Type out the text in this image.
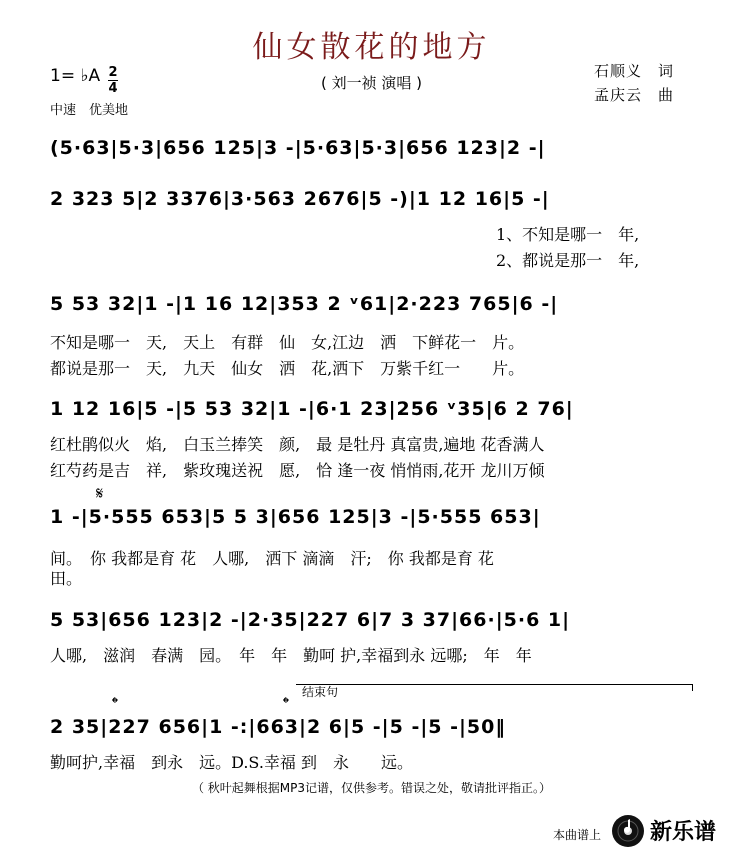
仙女散花的地方
( 刘一祯 演唱 )
石顺义　词
孟庆云　曲
1= ♭A 2
4
中速　优美地
(5·63|5·3|656 125|3 -|5·63|5·3|656 123|2 -|
2 323 5|2 3376|3·563 2676|5 -)|1 12 16|5 -|
1、不知是哪一　年,
2、都说是那一　年,
5 53 32|1 -|1 16 12|353 2 ᵛ61|2·223 765|6 -|
不知是哪一　天,　天上　有群　仙　女,江边　洒　下鲜花一　片。
都说是那一　天,　九天　仙女　洒　花,洒下　万紫千红一　　片。
1 12 16|5 -|5 53 32|1 -|6·1 23|256 ᵛ35|6 2 76|
红杜鹃似火　焰,　白玉兰捧笑　颜,　最 是牡丹 真富贵,遍地 花香满人
红芍药是吉　祥,　紫玫瑰送祝　愿,　恰 逢一夜 悄悄雨,花开 龙川万倾
𝄋
1 -|5·555 653|5 5 3|656 125|3 -|5·555 653|
间。　你 我都是育 花　人哪,　洒下 滴滴　汗;　你 我都是育 花
田。
5 53|656 123|2 -|2·35|227 6|7 3 37|66·|5·6 1|
人哪,　滋润　春满　园。　年　年　勤呵 护,幸福到永 远哪;　年　年
𝄌	𝄌
结束句
2 35|227 656|1 -:|663|2 6|5 -|5 -|5 -|50‖
勤呵护,幸福　到永　远。D.S.幸福 到　永　　远。
（ 秋叶起舞根据MP3记谱，仅供参考。错误之处，敬请批评指正。）
本曲谱上 新乐谱
